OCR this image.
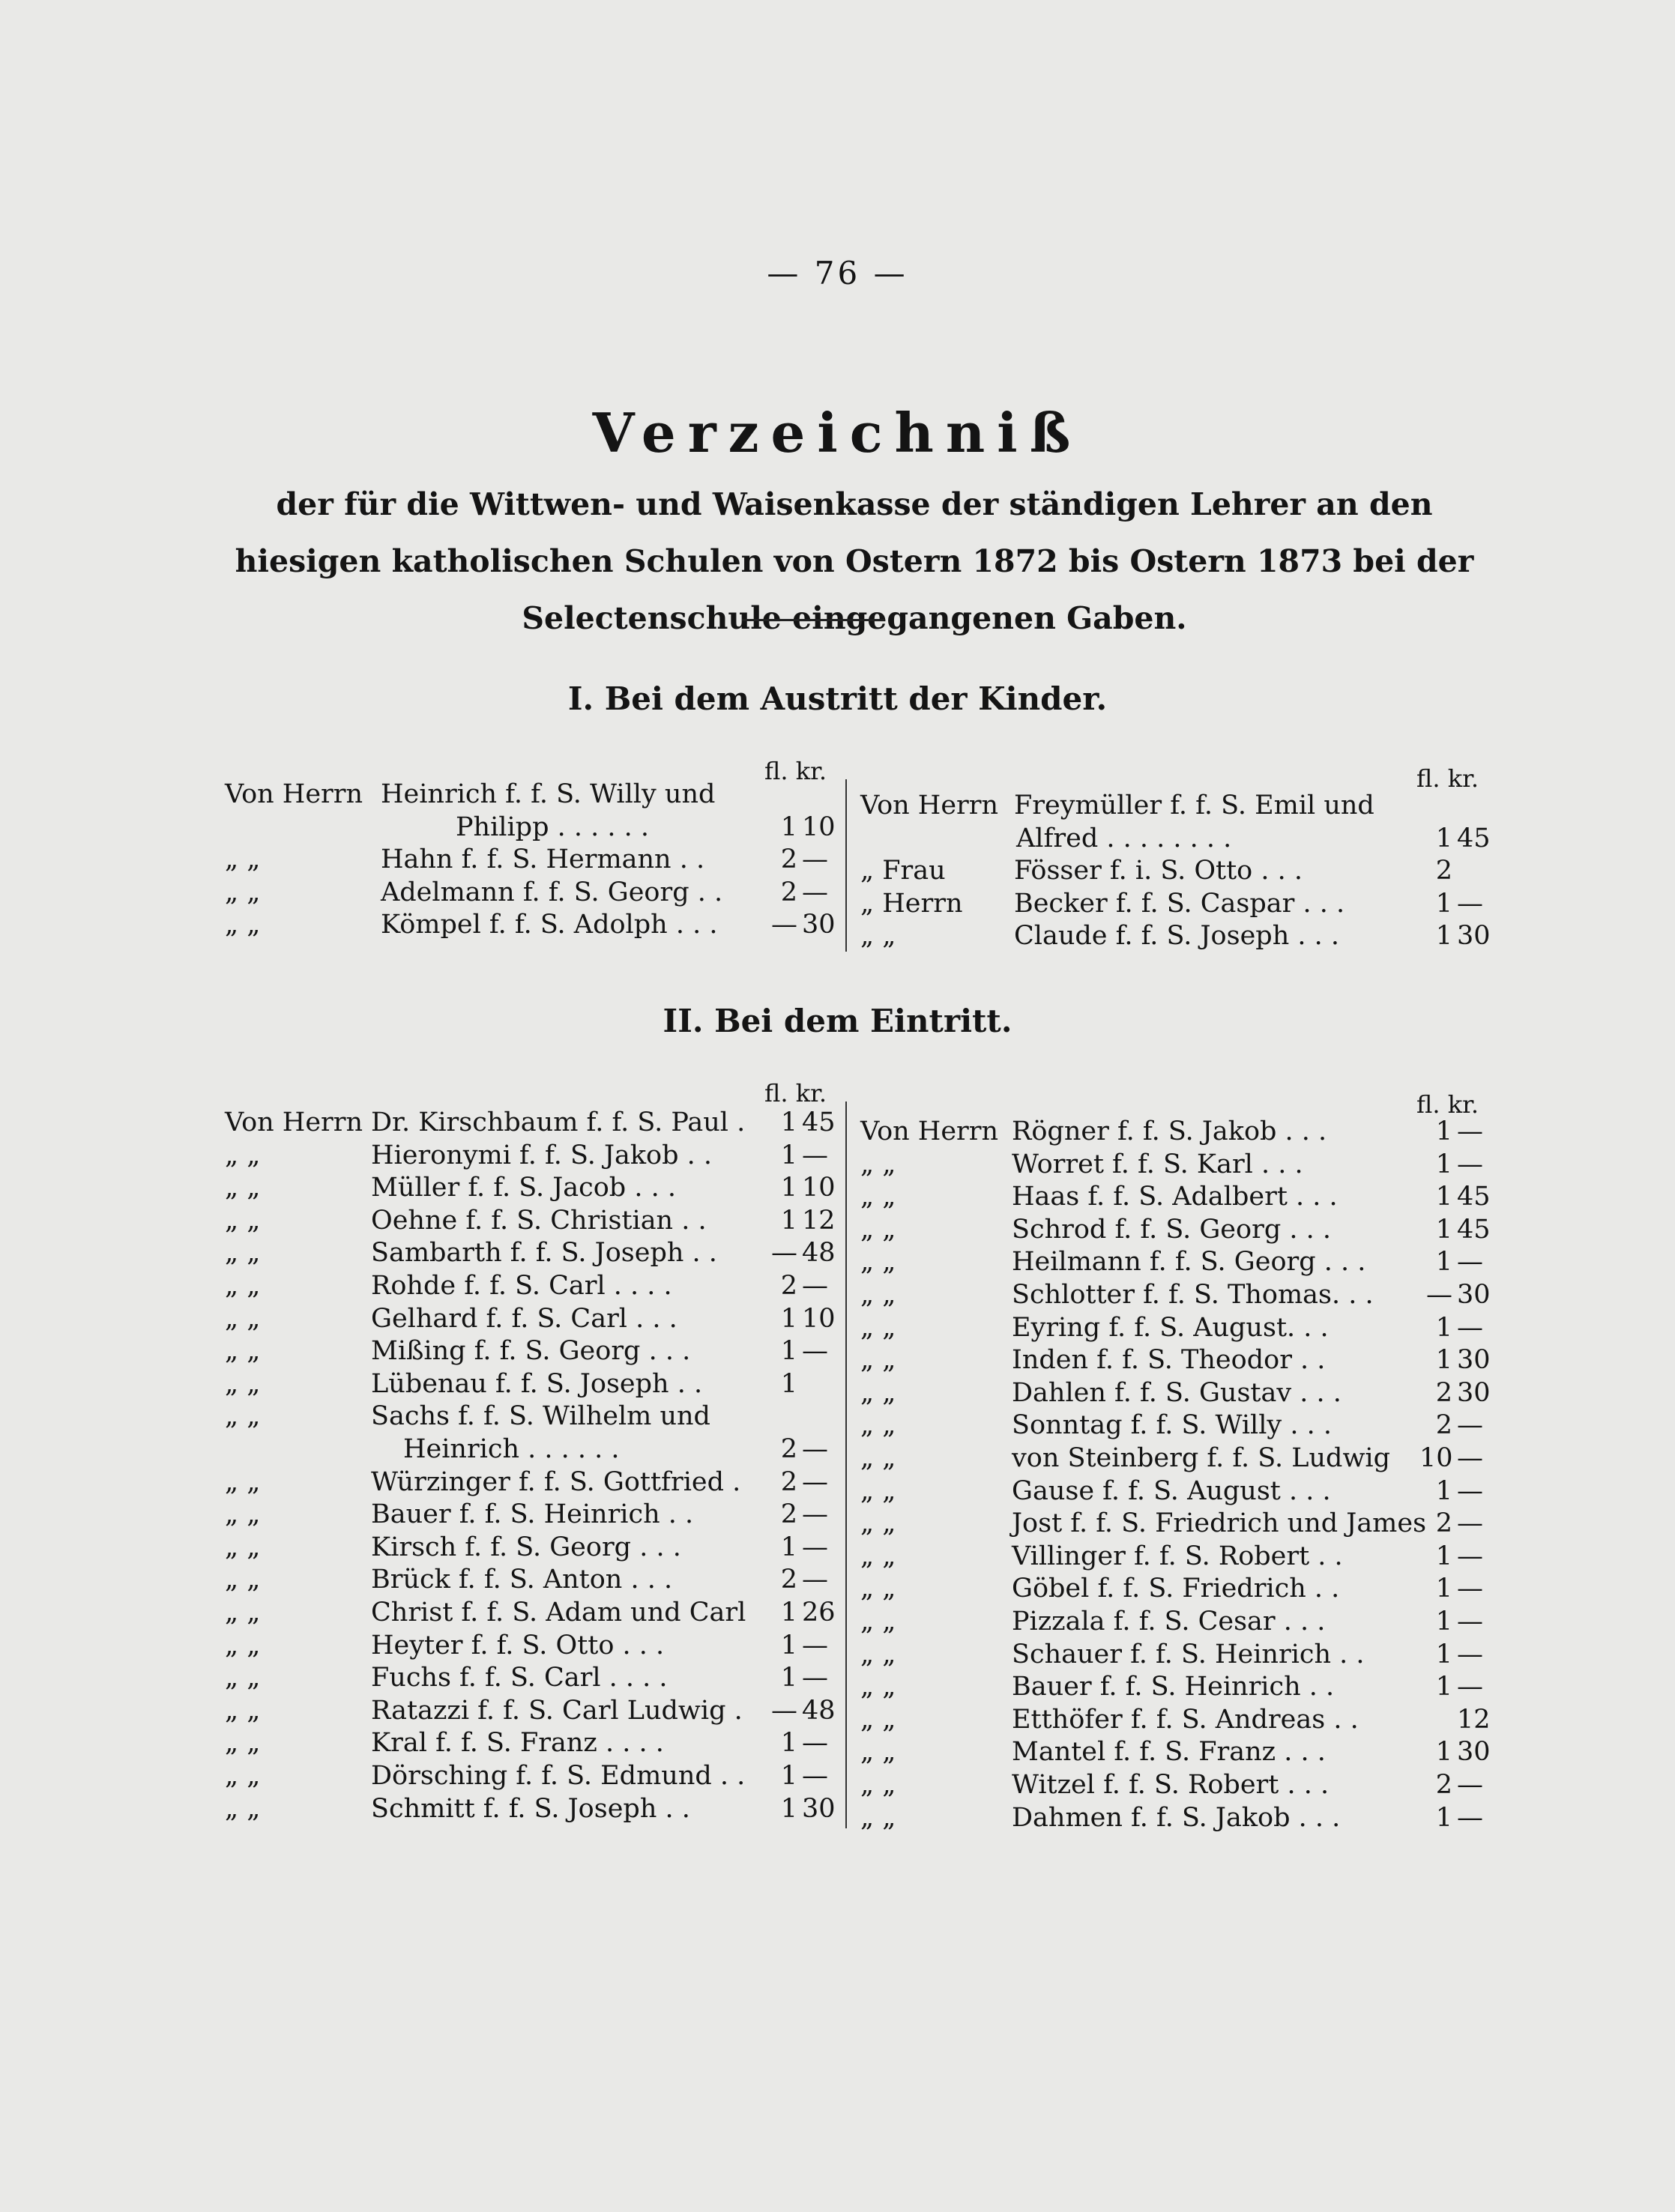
— 76 —
Verzeichniß
der für die Wittwen- und Waisenkasse der ständigen Lehrer an den hiesigen katholischen Schulen von Ostern 1872 bis Ostern 1873 bei der Selectenschule eingegangenen Gaben.
I. Bei dem Austritt der Kinder.
fl. kr.	fl. kr.
Von Herrn Heinrich f. f. S. Willy und
Philipp . . . . . .	1 10
„ „	Hahn f. f. S. Hermann . .	2 —
„ „	Adelmann f. f. S. Georg . .	2 —
„ „	Kömpel f. f. S. Adolph . . . — 30
Von Herrn Freymüller f. f. S. Emil und
Alfred . . . . . . . .	1 45
„ Frau	Fösser f. i. S. Otto . . .	2
„ Herrn Becker f. f. S. Caspar . . .	1 —
„ „	Claude f. f. S. Joseph . . .	1 30
II. Bei dem Eintritt.
fl. kr.	fl. kr.
Von Herrn Dr. Kirschbaum f. f. S. Paul .	1 45
„ „	Hieronymi f. f. S. Jakob . .	1 —
„ „	Müller f. f. S. Jacob . . .	1 10
„ „	Oehne f. f. S. Christian . .	1 12
„ „	Sambarth f. f. S. Joseph . . — 48
„ „	Rohde f. f. S. Carl . . . .	2 —
„ „	Gelhard f. f. S. Carl . . .	1 10
„ „	Mißing f. f. S. Georg . . .	1 —
„ „	Lübenau f. f. S. Joseph . .	1
„ „	Sachs f. f. S. Wilhelm und
Heinrich . . . . . .	2 —
„ „	Würzinger f. f. S. Gottfried .	2 —
„ „	Bauer f. f. S. Heinrich . .	2 —
„ „	Kirsch f. f. S. Georg . . .	1 —
„ „	Brück f. f. S. Anton . . .	2 —
„ „	Christ f. f. S. Adam und Carl	1 26
„ „	Heyter f. f. S. Otto . . .	1 —
„ „	Fuchs f. f. S. Carl . . . .	1 —
„ „	Ratazzi f. f. S. Carl Ludwig . — 48
„ „	Kral f. f. S. Franz . . . .	1 —
„ „	Dörsching f. f. S. Edmund . .	1 —
„ „	Schmitt f. f. S. Joseph . .	1 30
Von Herrn Rögner f. f. S. Jakob . . .	1 —
„ „	Worret f. f. S. Karl . . .	1 —
„ „	Haas f. f. S. Adalbert . . .	1 45
„ „	Schrod f. f. S. Georg . . .	1 45
„ „	Heilmann f. f. S. Georg . . .	1 —
„ „	Schlotter f. f. S. Thomas. . . — 30
„ „	Eyring f. f. S. August. . .	1 —
„ „	Inden f. f. S. Theodor . .	1 30
„ „	Dahlen f. f. S. Gustav . . .	2 30
„ „	Sonntag f. f. S. Willy . . .	2 —
„ „	von Steinberg f. f. S. Ludwig 10 —
„ „	Gause f. f. S. August . . .	1 —
„ „	Jost f. f. S. Friedrich und James 2 —
„ „	Villinger f. f. S. Robert . .	1 —
„ „	Göbel f. f. S. Friedrich . .	1 —
„ „	Pizzala f. f. S. Cesar . . .	1 —
„ „	Schauer f. f. S. Heinrich . .	1 —
„ „	Bauer f. f. S. Heinrich . .	1 —
„ „	Etthöfer f. f. S. Andreas . .	12
„ „	Mantel f. f. S. Franz . . .	1 30
„ „	Witzel f. f. S. Robert . . .	2 —
„ „	Dahmen f. f. S. Jakob . . .	1 —
